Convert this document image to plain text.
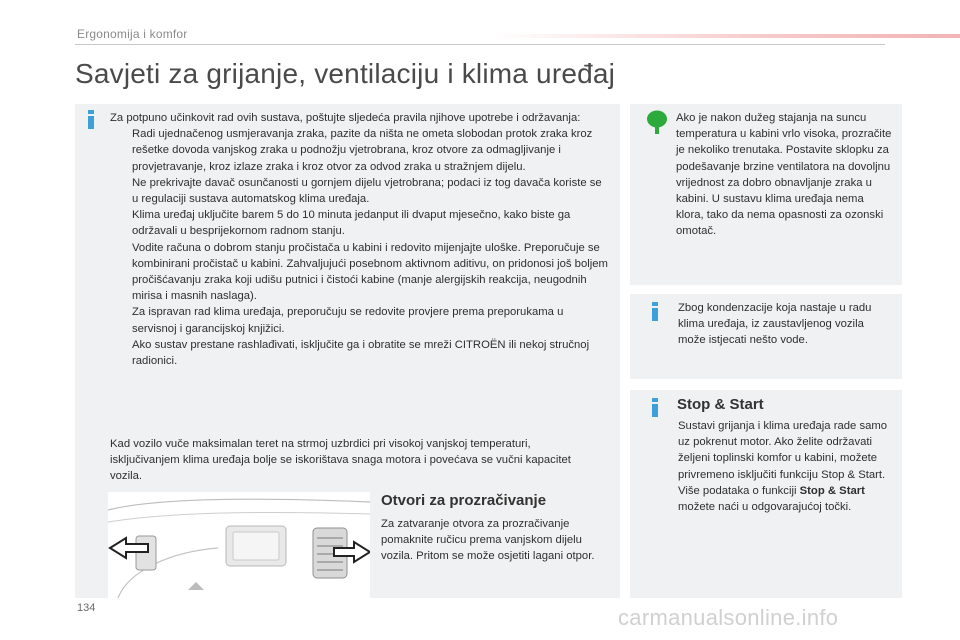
Ergonomija i komfor
Savjeti za grijanje, ventilaciju i klima uređaj

Za potpuno učinkovit rad ovih sustava, poštujte sljedeća pravila njihove upotrebe i održavanja:

Radi ujednačenog usmjeravanja zraka, pazite da ništa ne ometa slobodan protok zraka kroz rešetke dovoda vanjskog zraka u podnožju vjetrobrana, kroz otvore za odmagljivanje i provjetravanje, kroz izlaze zraka i kroz otvor za odvod zraka u stražnjem dijelu.
Ne prekrivajte davač osunčanosti u gornjem dijelu vjetrobrana; podaci iz tog davača koriste se u regulaciji sustava automatskog klima uređaja.
Klima uređaj uključite barem 5 do 10 minuta jedanput ili dvaput mjesečno, kako biste ga održavali u besprijekornom radnom stanju.
Vodite računa o dobrom stanju pročistača u kabini i redovito mijenjajte uloške. Preporučuje se kombinirani pročistač u kabini. Zahvaljujući posebnom aktivnom aditivu, on pridonosi još boljem pročišćavanju zraka koji udišu putnici i čistoći kabine (manje alergijskih reakcija, neugodnih mirisa i masnih naslaga).
Za ispravan rad klima uređaja, preporučuju se redovite provjere prema preporukama u servisnoj i garancijskoj knjižici.
Ako sustav prestane rashlađivati, isključite ga i obratite se mreži CITROËN ili nekoj stručnoj radionici.
Kad vozilo vuče maksimalan teret na strmoj uzbrdici pri visokoj vanjskoj temperaturi, isključivanjem klima uređaja bolje se iskorištava snaga motora i povećava se vučni kapacitet vozila.
Otvori za prozračivanje
Za zatvaranje otvora za prozračivanje pomaknite ručicu prema vanjskom dijelu vozila. Pritom se može osjetiti lagani otpor.
Ako je nakon dužeg stajanja na suncu temperatura u kabini vrlo visoka, prozračite je nekoliko trenutaka. Postavite sklopku za podešavanje brzine ventilatora na dovoljnu vrijednost za dobro obnavljanje zraka u kabini. U sustavu klima uređaja nema klora, tako da nema opasnosti za ozonski omotač.
Zbog kondenzacije koja nastaje u radu klima uređaja, iz zaustavljenog vozila može istjecati nešto vode.
Stop & Start
Sustavi grijanja i klima uređaja rade samo uz pokrenut motor. Ako želite održavati željeni toplinski komfor u kabini, možete privremeno isključiti funkciju Stop & Start. Više podataka o funkciji Stop & Start možete naći u odgovarajućoj točki.
134	carmanualsonline.info
